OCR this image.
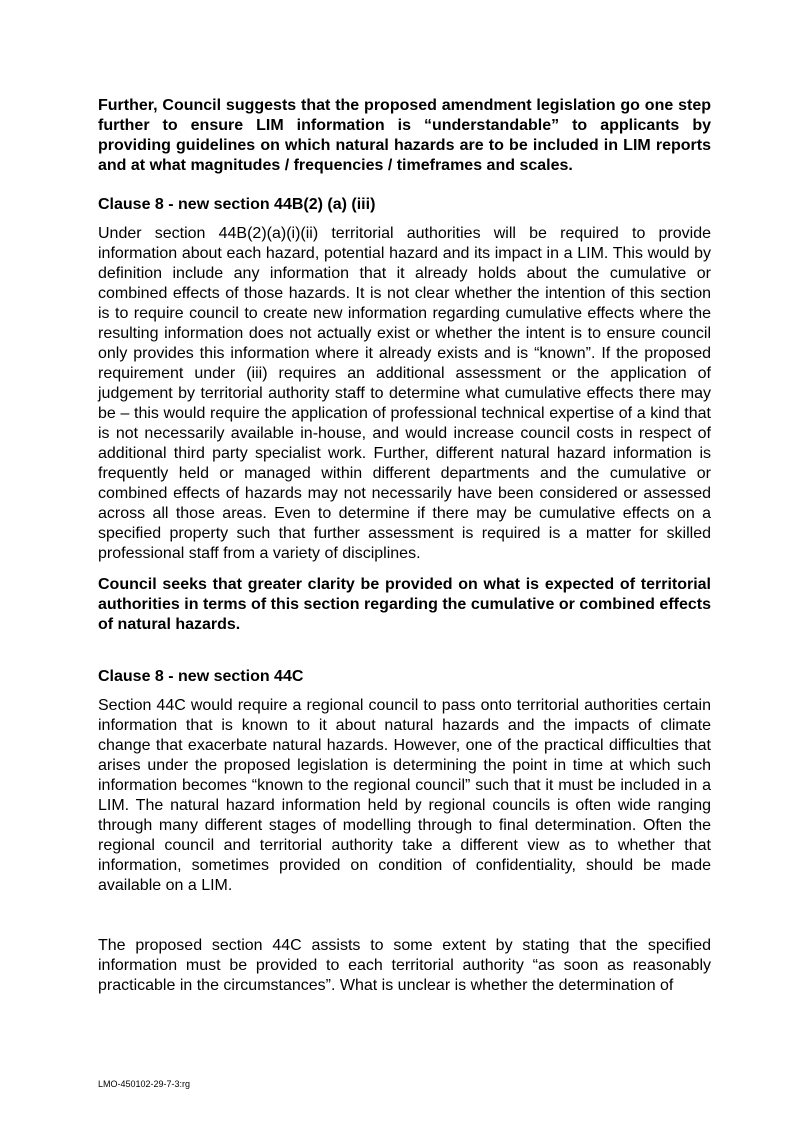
Further, Council suggests that the proposed amendment legislation go one step further to ensure LIM information is “understandable” to applicants by providing guidelines on which natural hazards are to be included in LIM reports and at what magnitudes / frequencies / timeframes and scales.

Clause 8 - new section 44B(2) (a) (iii)

Under section 44B(2)(a)(i)(ii) territorial authorities will be required to provide information about each hazard, potential hazard and its impact in a LIM. This would by definition include any information that it already holds about the cumulative or combined effects of those hazards. It is not clear whether the intention of this section is to require council to create new information regarding cumulative effects where the resulting information does not actually exist or whether the intent is to ensure council only provides this information where it already exists and is “known”. If the proposed requirement under (iii) requires an additional assessment or the application of judgement by territorial authority staff to determine what cumulative effects there may be – this would require the application of professional technical expertise of a kind that is not necessarily available in-house, and would increase council costs in respect of additional third party specialist work. Further, different natural hazard information is frequently held or managed within different departments and the cumulative or combined effects of hazards may not necessarily have been considered or assessed across all those areas. Even to determine if there may be cumulative effects on a specified property such that further assessment is required is a matter for skilled professional staff from a variety of disciplines.

Council seeks that greater clarity be provided on what is expected of territorial authorities in terms of this section regarding the cumulative or combined effects of natural hazards.

Clause 8 - new section 44C

Section 44C would require a regional council to pass onto territorial authorities certain information that is known to it about natural hazards and the impacts of climate change that exacerbate natural hazards. However, one of the practical difficulties that arises under the proposed legislation is determining the point in time at which such information becomes “known to the regional council” such that it must be included in a LIM. The natural hazard information held by regional councils is often wide ranging through many different stages of modelling through to final determination. Often the regional council and territorial authority take a different view as to whether that information, sometimes provided on condition of confidentiality, should be made available on a LIM.

The proposed section 44C assists to some extent by stating that the specified information must be provided to each territorial authority “as soon as reasonably practicable in the circumstances”. What is unclear is whether the determination of

LMO-450102-29-7-3:rg
